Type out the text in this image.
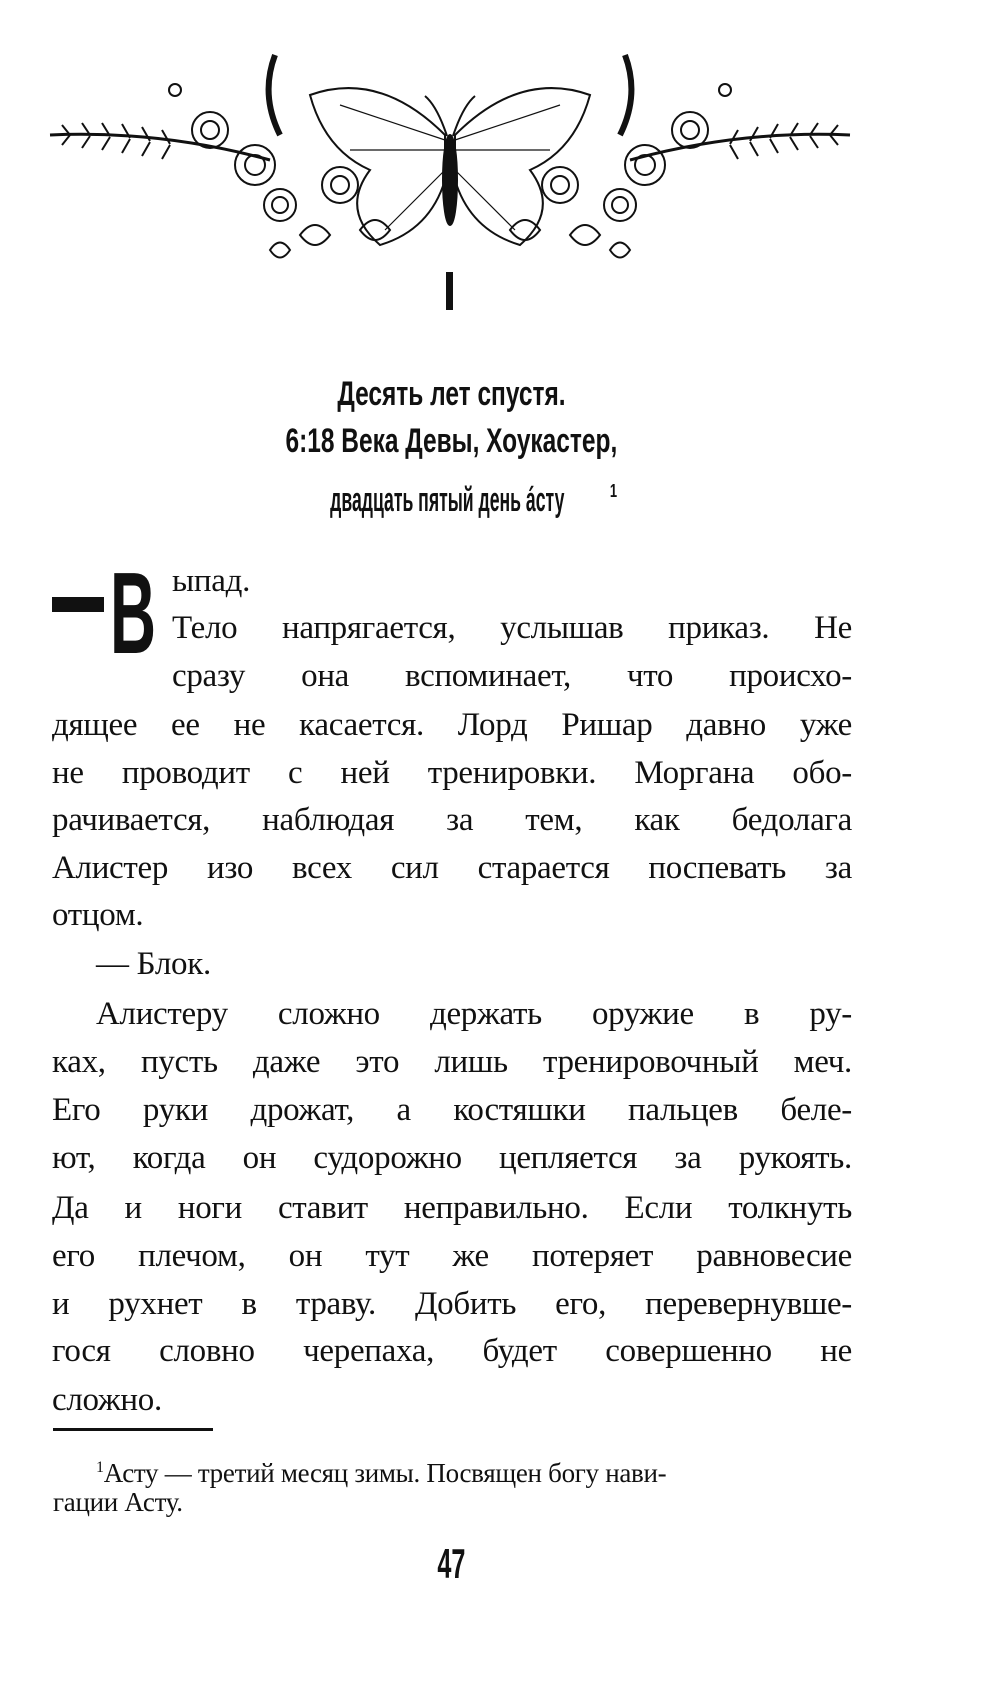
Десять лет спустя.
6:18 Века Девы, Хоукастер,
двадцать пятый день áсту	$^1$
В ыпад.
Тело напрягается, услышав приказ. Не
сразу она вспоминает, что происхо-
дящее ее не касается. Лорд Ришар давно уже
не проводит с ней тренировки. Моргана обо-
рачивается, наблюдая за тем, как бедолага
Алистер изо всех сил старается поспевать за
отцом.
— Блок.
Алистеру сложно держать оружие в ру-
ках, пусть даже это лишь тренировочный меч.
Его руки дрожат, а костяшки пальцев беле-
ют, когда он судорожно цепляется за рукоять.
Да и ноги ставит неправильно. Если толкнуть
его плечом, он тут же потеряет равновесие
и рухнет в траву. Добить его, перевернувше-
гося словно черепаха, будет совершенно не
сложно.
$^1$Асту — третий месяц зимы. Посвящен богу нави-
гации Асту.
47
